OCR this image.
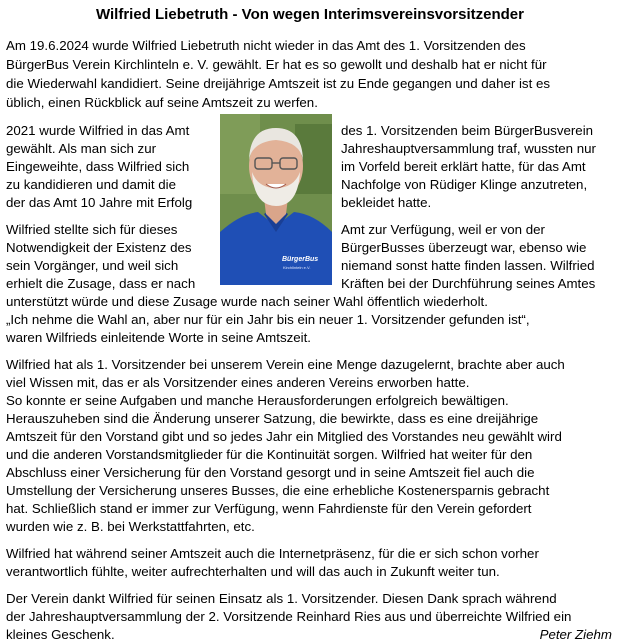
Wilfried Liebetruth - Von wegen Interimsvereinsvorsitzender
Am 19.6.2024 wurde Wilfried Liebetruth nicht wieder in das Amt des 1. Vorsitzenden des
BürgerBus Verein Kirchlinteln e. V. gewählt. Er hat es so gewollt und deshalb hat er nicht für
die Wiederwahl kandidiert. Seine dreijährige Amtszeit ist zu Ende gegangen und daher ist es
üblich, einen Rückblick auf seine Amtszeit zu werfen.
BürgerBus
Kirchlinteln e.V.
2021 wurde Wilfried in das Amt
gewählt. Als man sich zur
Eingeweihte, dass Wilfried sich
zu kandidieren und damit die
der das Amt 10 Jahre mit Erfolg
des 1. Vorsitzenden beim BürgerBusverein
Jahreshauptversammlung traf, wussten nur
im Vorfeld bereit erklärt hatte, für das Amt
Nachfolge von Rüdiger Klinge anzutreten,
bekleidet hatte.
Wilfried stellte sich für dieses
Notwendigkeit der Existenz des
sein Vorgänger, und weil sich
erhielt die Zusage, dass er nach
Amt zur Verfügung, weil er von der
BürgerBusses überzeugt war, ebenso wie
niemand sonst hatte finden lassen. Wilfried
Kräften bei der Durchführung seines Amtes
unterstützt würde und diese Zusage wurde nach seiner Wahl öffentlich wiederholt.
„Ich nehme die Wahl an, aber nur für ein Jahr bis ein neuer 1. Vorsitzender gefunden ist“,
waren Wilfrieds einleitende Worte in seine Amtszeit.
Wilfried hat als 1. Vorsitzender bei unserem Verein eine Menge dazugelernt, brachte aber auch
viel Wissen mit, das er als Vorsitzender eines anderen Vereins erworben hatte.
So konnte er seine Aufgaben und manche Herausforderungen erfolgreich bewältigen.
Herauszuheben sind die Änderung unserer Satzung, die bewirkte, dass es eine dreijährige
Amtszeit für den Vorstand gibt und so jedes Jahr ein Mitglied des Vorstandes neu gewählt wird
und die anderen Vorstandsmitglieder für die Kontinuität sorgen. Wilfried hat weiter für den
Abschluss einer Versicherung für den Vorstand gesorgt und in seine Amtszeit fiel auch die
Umstellung der Versicherung unseres Busses, die eine erhebliche Kostenersparnis gebracht
hat. Schließlich stand er immer zur Verfügung, wenn Fahrdienste für den Verein gefordert
wurden wie z. B. bei Werkstattfahrten, etc.
Wilfried hat während seiner Amtszeit auch die Internetpräsenz, für die er sich schon vorher
verantwortlich fühlte, weiter aufrechterhalten und will das auch in Zukunft weiter tun.
Der Verein dankt Wilfried für seinen Einsatz als 1. Vorsitzender. Diesen Dank sprach während
der Jahreshauptversammlung der 2. Vorsitzende Reinhard Ries aus und überreichte Wilfried ein
kleines Geschenk.	Peter Ziehm
